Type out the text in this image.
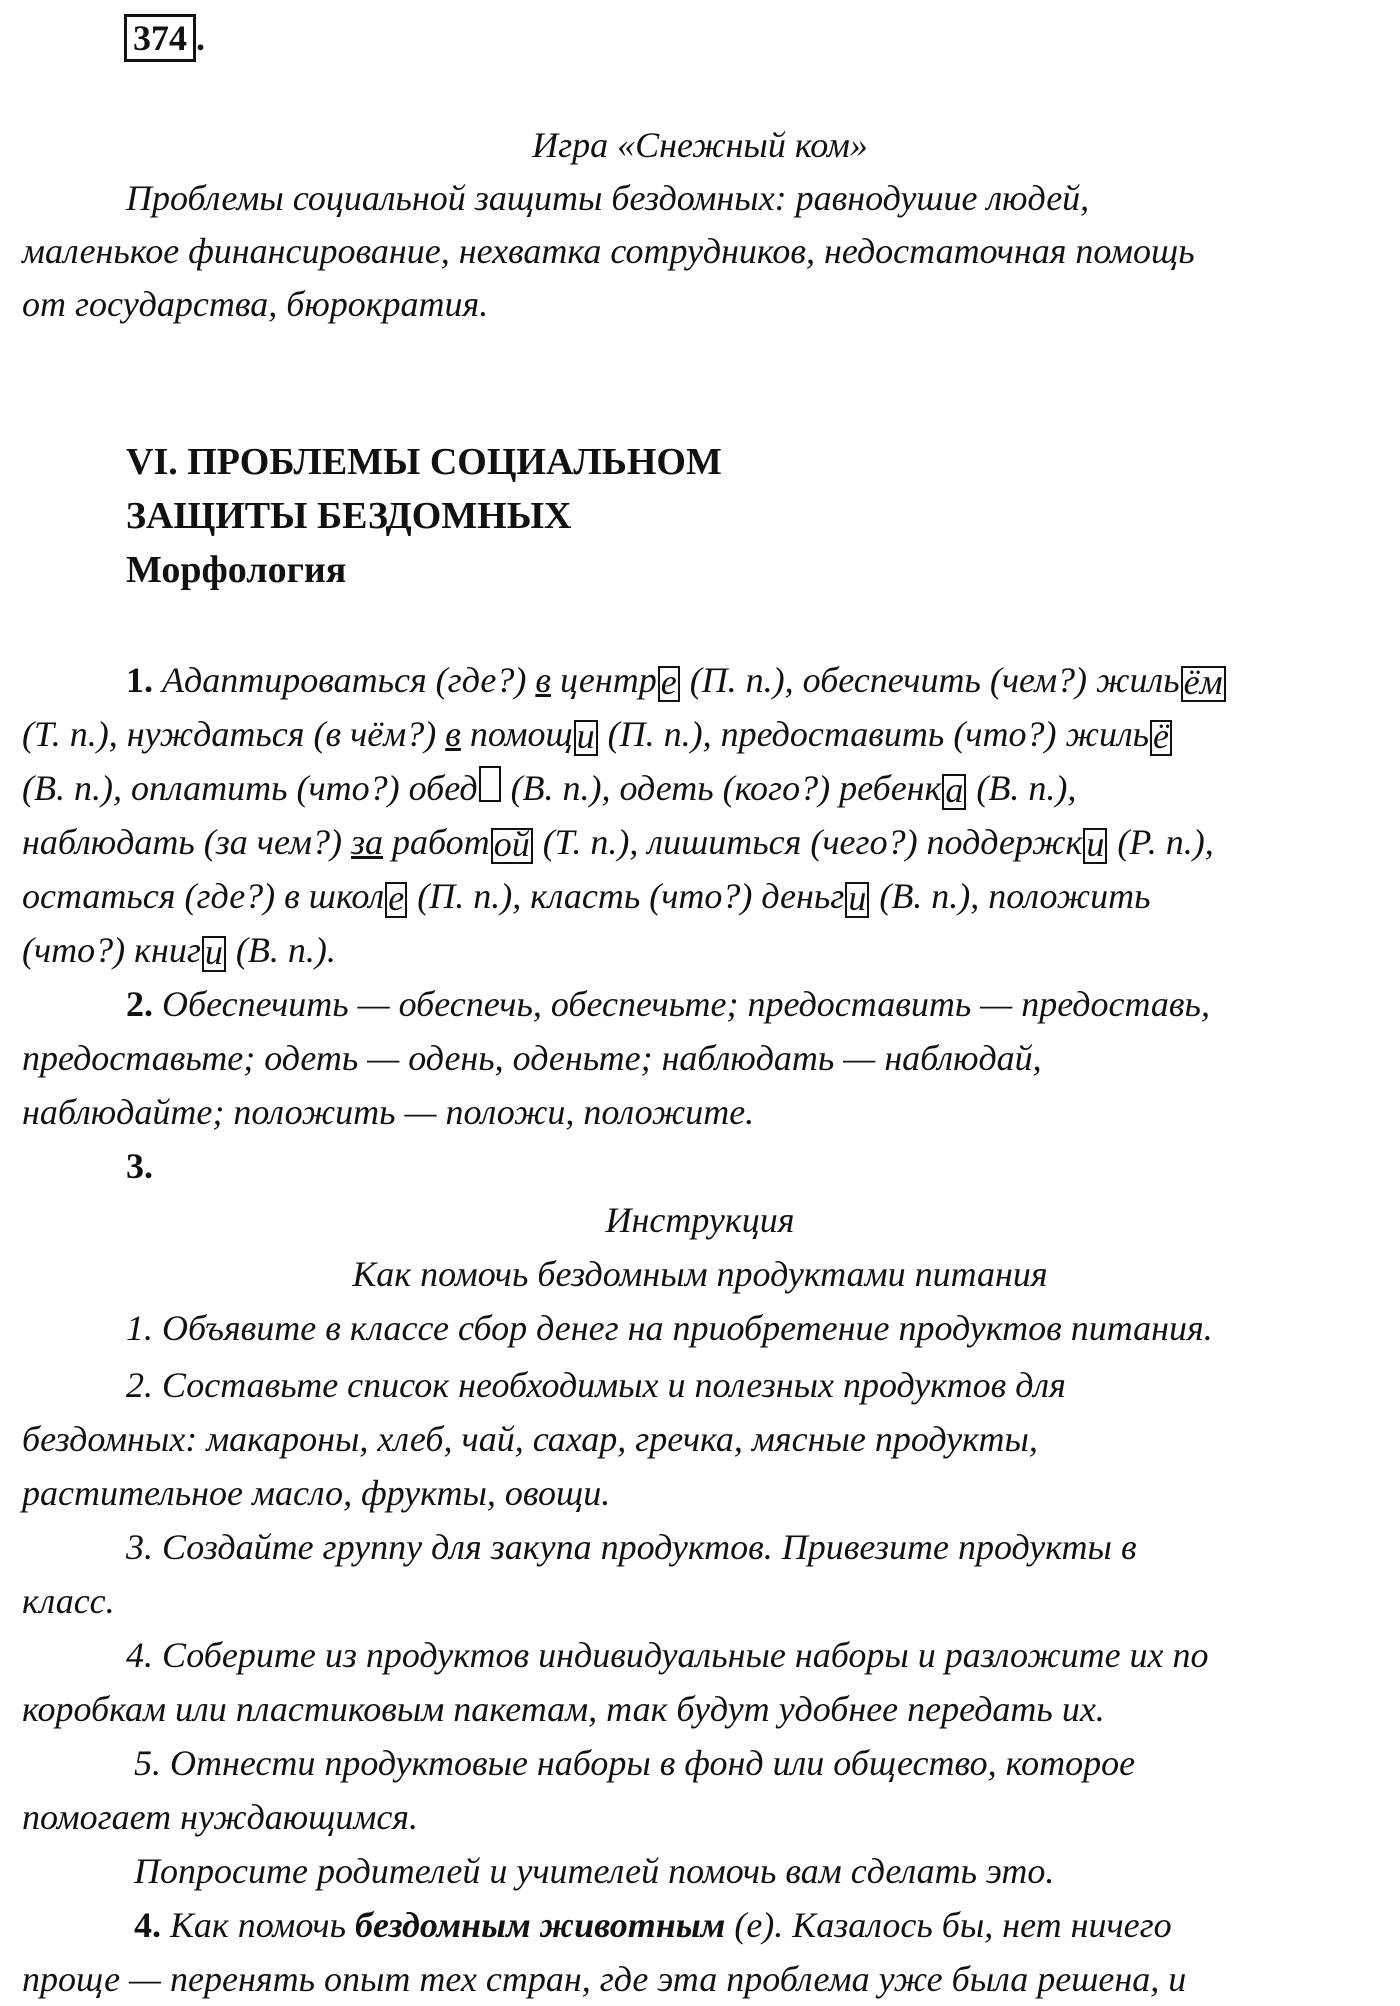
374 .
Игра «Снежный ком»
Проблемы социальной защиты бездомных: равнодушие людей,
маленькое финансирование, нехватка сотрудников, недостаточная помощь
от государства, бюрократия.
VI. ПРОБЛЕМЫ СОЦИАЛЬНОМ
ЗАЩИТЫ БЕЗДОМНЫХ
Морфология
1. Адаптироваться (где?) в центр е (П. п.), обеспечить (чем?) жиль ём
(Т. п.), нуждаться (в чём?) в помощ и (П. п.), предоставить (что?) жиль ё
(В. п.), оплатить (что?) обед (В. п.), одеть (кого?) ребенк а (В. п.),
наблюдать (за чем?) за работ ой (Т. п.), лишиться (чего?) поддержк и (Р. п.),
остаться (где?) в школ е (П. п.), класть (что?) деньг и (В. п.), положить
(что?) книг и (В. п.).
2. Обеспечить — обеспечь, обеспечьте; предоставить — предоставь,
предоставьте; одеть — одень, оденьте; наблюдать — наблюдай,
наблюдайте; положить — положи, положите.
3.
Инструкция
Как помочь бездомным продуктами питания
1. Объявите в классе сбор денег на приобретение продуктов питания.
2. Составьте список необходимых и полезных продуктов для
бездомных: макароны, хлеб, чай, сахар, гречка, мясные продукты,
растительное масло, фрукты, овощи.
3. Создайте группу для закупа продуктов. Привезите продукты в
класс.
4. Соберите из продуктов индивидуальные наборы и разложите их по
коробкам или пластиковым пакетам, так будут удобнее передать их.
5. Отнести продуктовые наборы в фонд или общество, которое
помогает нуждающимся.
Попросите родителей и учителей помочь вам сделать это.
4. Как помочь бездомным животным (е). Казалось бы, нет ничего
проще — перенять опыт тех стран, где эта проблема уже была решена, и
